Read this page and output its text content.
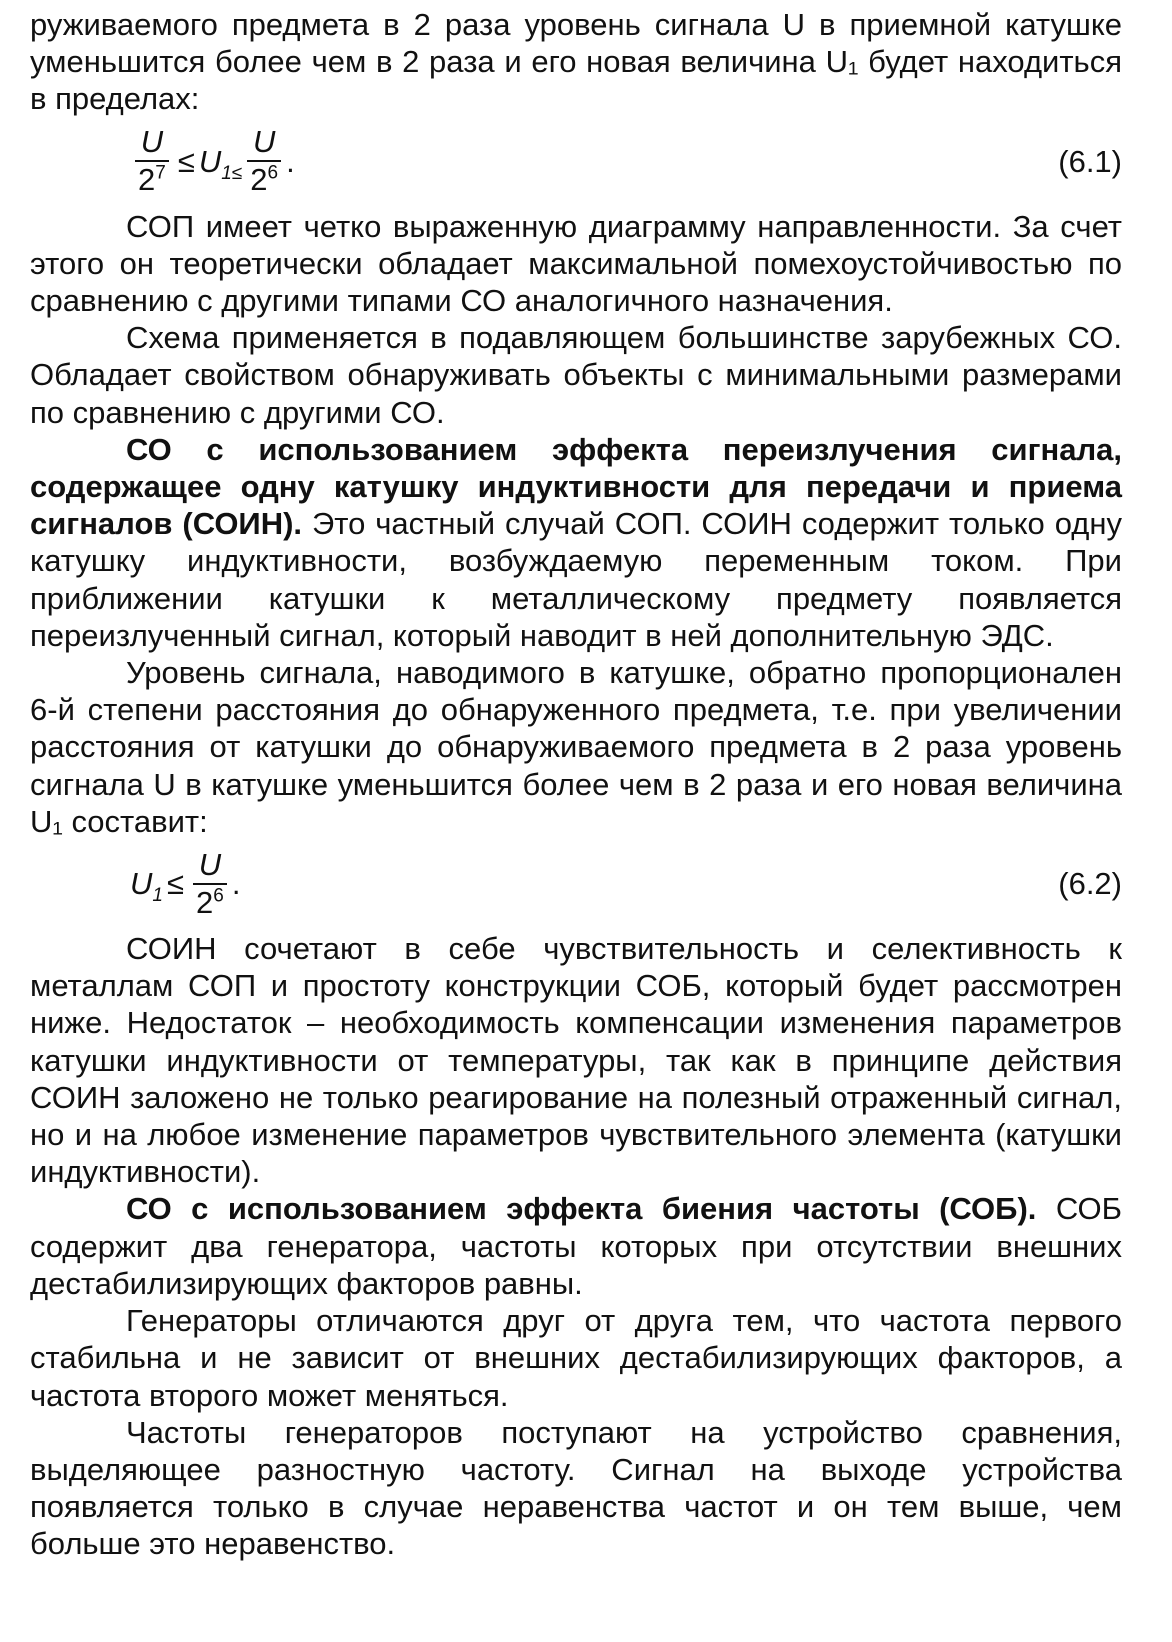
руживаемого предмета в 2 раза уровень сигнала U в приемной катушке уменьшится более чем в 2 раза и его новая величина U₁ будет находиться в пределах:

$\frac{U}{2^7} \le U_{1\le} \frac{U}{2^6}$ .	(6.1)

СОП имеет четко выраженную диаграмму направленности. За счет этого он теоретически обладает максимальной помехоустойчивостью по сравнению с другими типами СО аналогичного назначения.

Схема применяется в подавляющем большинстве зарубежных СО. Обладает свойством обнаруживать объекты с минимальными размерами по сравнению с другими СО.

СО с использованием эффекта переизлучения сигнала, содержащее одну катушку индуктивности для передачи и приема сигналов (СОИН). Это частный случай СОП. СОИН содержит только одну катушку индуктивности, возбуждаемую переменным током. При приближении катушки к металлическому предмету появляется переизлученный сигнал, который наводит в ней дополнительную ЭДС.

Уровень сигнала, наводимого в катушке, обратно пропорционален 6-й степени расстояния до обнаруженного предмета, т.е. при увеличении расстояния от катушки до обнаруживаемого предмета в 2 раза уровень сигнала U в катушке уменьшится более чем в 2 раза и его новая величина U₁ составит:

$U_1 \le \frac{U}{2^6}$ .	(6.2)

СОИН сочетают в себе чувствительность и селективность к металлам СОП и простоту конструкции СОБ, который будет рассмотрен ниже. Недостаток – необходимость компенсации изменения параметров катушки индуктивности от температуры, так как в принципе действия СОИН заложено не только реагирование на полезный отраженный сигнал, но и на любое изменение параметров чувствительного элемента (катушки индуктивности).

СО с использованием эффекта биения частоты (СОБ). СОБ содержит два генератора, частоты которых при отсутствии внешних дестабилизирующих факторов равны.

Генераторы отличаются друг от друга тем, что частота первого стабильна и не зависит от внешних дестабилизирующих факторов, а частота второго может меняться.

Частоты генераторов поступают на устройство сравнения, выделяющее разностную частоту. Сигнал на выходе устройства появляется только в случае неравенства частот и он тем выше, чем больше это неравенство.
